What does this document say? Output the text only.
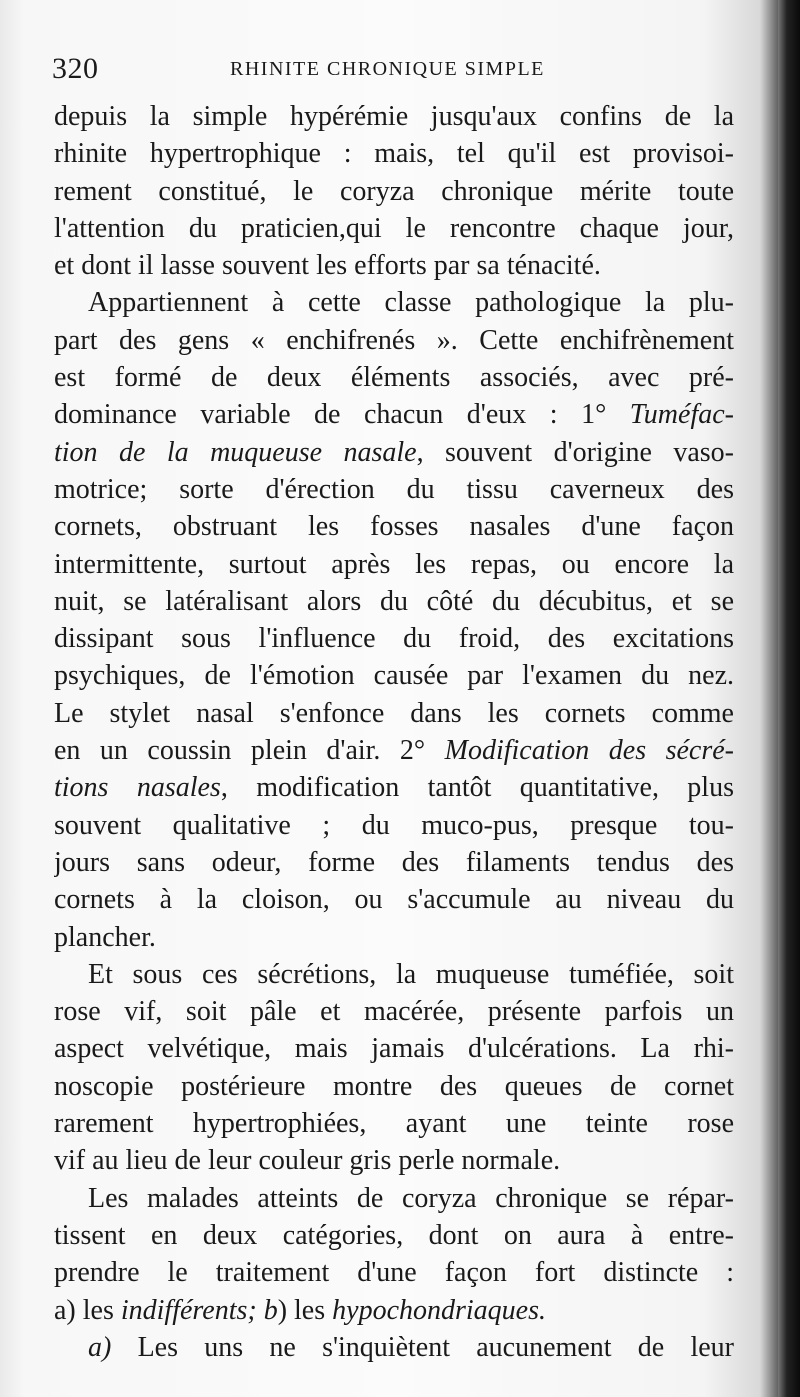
320	RHINITE CHRONIQUE SIMPLE
depuis la simple hypérémie jusqu'aux confins de la
rhinite hypertrophique : mais, tel qu'il est provisoi-
rement constitué, le coryza chronique mérite toute
l'attention du praticien,qui le rencontre chaque jour,
et dont il lasse souvent les efforts par sa ténacité.
Appartiennent à cette classe pathologique la plu-
part des gens « enchifrenés ». Cette enchifrènement
est formé de deux éléments associés, avec pré-
dominance variable de chacun d'eux : 1° Tuméfac-
tion de la muqueuse nasale, souvent d'origine vaso-
motrice; sorte d'érection du tissu caverneux des
cornets, obstruant les fosses nasales d'une façon
intermittente, surtout après les repas, ou encore la
nuit, se latéralisant alors du côté du décubitus, et se
dissipant sous l'influence du froid, des excitations
psychiques, de l'émotion causée par l'examen du nez.
Le stylet nasal s'enfonce dans les cornets comme
en un coussin plein d'air. 2° Modification des sécré-
tions nasales, modification tantôt quantitative, plus
souvent qualitative ; du muco-pus, presque tou-
jours sans odeur, forme des filaments tendus des
cornets à la cloison, ou s'accumule au niveau du
plancher.
Et sous ces sécrétions, la muqueuse tuméfiée, soit
rose vif, soit pâle et macérée, présente parfois un
aspect velvétique, mais jamais d'ulcérations. La rhi-
noscopie postérieure montre des queues de cornet
rarement hypertrophiées, ayant une teinte rose
vif au lieu de leur couleur gris perle normale.
Les malades atteints de coryza chronique se répar-
tissent en deux catégories, dont on aura à entre-
prendre le traitement d'une façon fort distincte :
a) les indifférents; b) les hypochondriaques.
a) Les uns ne s'inquiètent aucunement de leur
